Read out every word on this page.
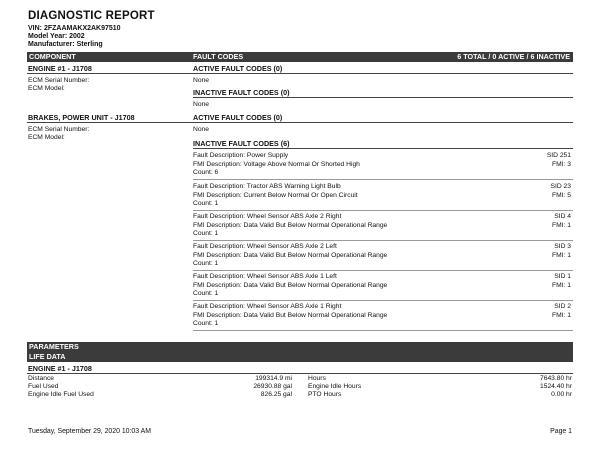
DIAGNOSTIC REPORT
VIN: 2FZAAMAKX2AK97510
Model Year: 2002
Manufacturer: Sterling
COMPONENT	FAULT CODES	6 TOTAL / 0 ACTIVE / 6 INACTIVE
ENGINE #1 - J1708	ACTIVE FAULT CODES (0)
ECM Serial Number:
ECM Model:
None
INACTIVE FAULT CODES (0)
None
BRAKES, POWER UNIT - J1708	ACTIVE FAULT CODES (0)
ECM Serial Number:
ECM Model:
None
INACTIVE FAULT CODES (6)
Fault Description: Power Supply	SID 251
FMI Description: Voltage Above Normal Or Shorted High	FMI: 3
Count: 6
Fault Description: Tractor ABS Warning Light Bulb	SID 23
FMI Description: Current Below Normal Or Open Circuit	FMI: 5
Count: 1
Fault Description: Wheel Sensor ABS Axle 2 Right	SID 4
FMI Description: Data Valid But Below Normal Operational Range	FMI: 1
Count: 1
Fault Description: Wheel Sensor ABS Axle 2 Left	SID 3
FMI Description: Data Valid But Below Normal Operational Range	FMI: 1
Count: 1
Fault Description: Wheel Sensor ABS Axle 1 Left	SID 1
FMI Description: Data Valid But Below Normal Operational Range	FMI: 1
Count: 1
Fault Description: Wheel Sensor ABS Axle 1 Right	SID 2
FMI Description: Data Valid But Below Normal Operational Range	FMI: 1
Count: 1
PARAMETERS
LIFE DATA
ENGINE #1 - J1708
Distance	199314.9 mi Hours	7643.80 hr
Fuel Used	26930.88 gal Engine Idle Hours	1524.40 hr
Engine Idle Fuel Used	826.25 gal PTO Hours	0.00 hr
Tuesday, September 29, 2020 10:03 AM	Page 1
